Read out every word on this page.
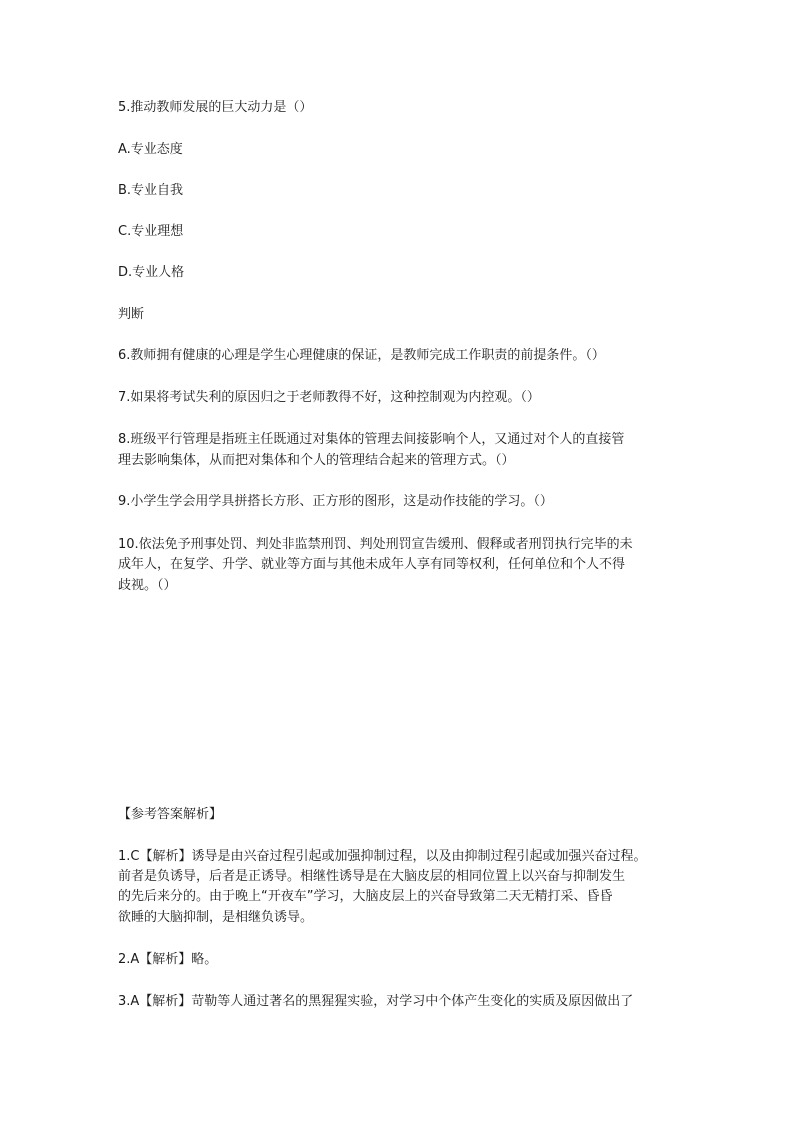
5.推动教师发展的巨大动力是（）
A.专业态度
B.专业自我
C.专业理想
D.专业人格
判断
6.教师拥有健康的心理是学生心理健康的保证，是教师完成工作职责的前提条件。（）
7.如果将考试失利的原因归之于老师教得不好，这种控制观为内控观。（）
8.班级平行管理是指班主任既通过对集体的管理去间接影响个人，又通过对个人的直接管
理去影响集体，从而把对集体和个人的管理结合起来的管理方式。（）
9.小学生学会用学具拼搭长方形、正方形的图形，这是动作技能的学习。（）
10.依法免予刑事处罚、判处非监禁刑罚、判处刑罚宣告缓刑、假释或者刑罚执行完毕的未
成年人，在复学、升学、就业等方面与其他未成年人享有同等权利，任何单位和个人不得
歧视。（）
【参考答案解析】
1.C【解析】诱导是由兴奋过程引起或加强抑制过程，以及由抑制过程引起或加强兴奋过程。
前者是负诱导，后者是正诱导。相继性诱导是在大脑皮层的相同位置上以兴奋与抑制发生
的先后来分的。由于晚上“开夜车”学习，大脑皮层上的兴奋导致第二天无精打采、昏昏
欲睡的大脑抑制，是相继负诱导。
2.A【解析】略。
3.A【解析】苛勒等人通过著名的黑猩猩实验，对学习中个体产生变化的实质及原因做出了
